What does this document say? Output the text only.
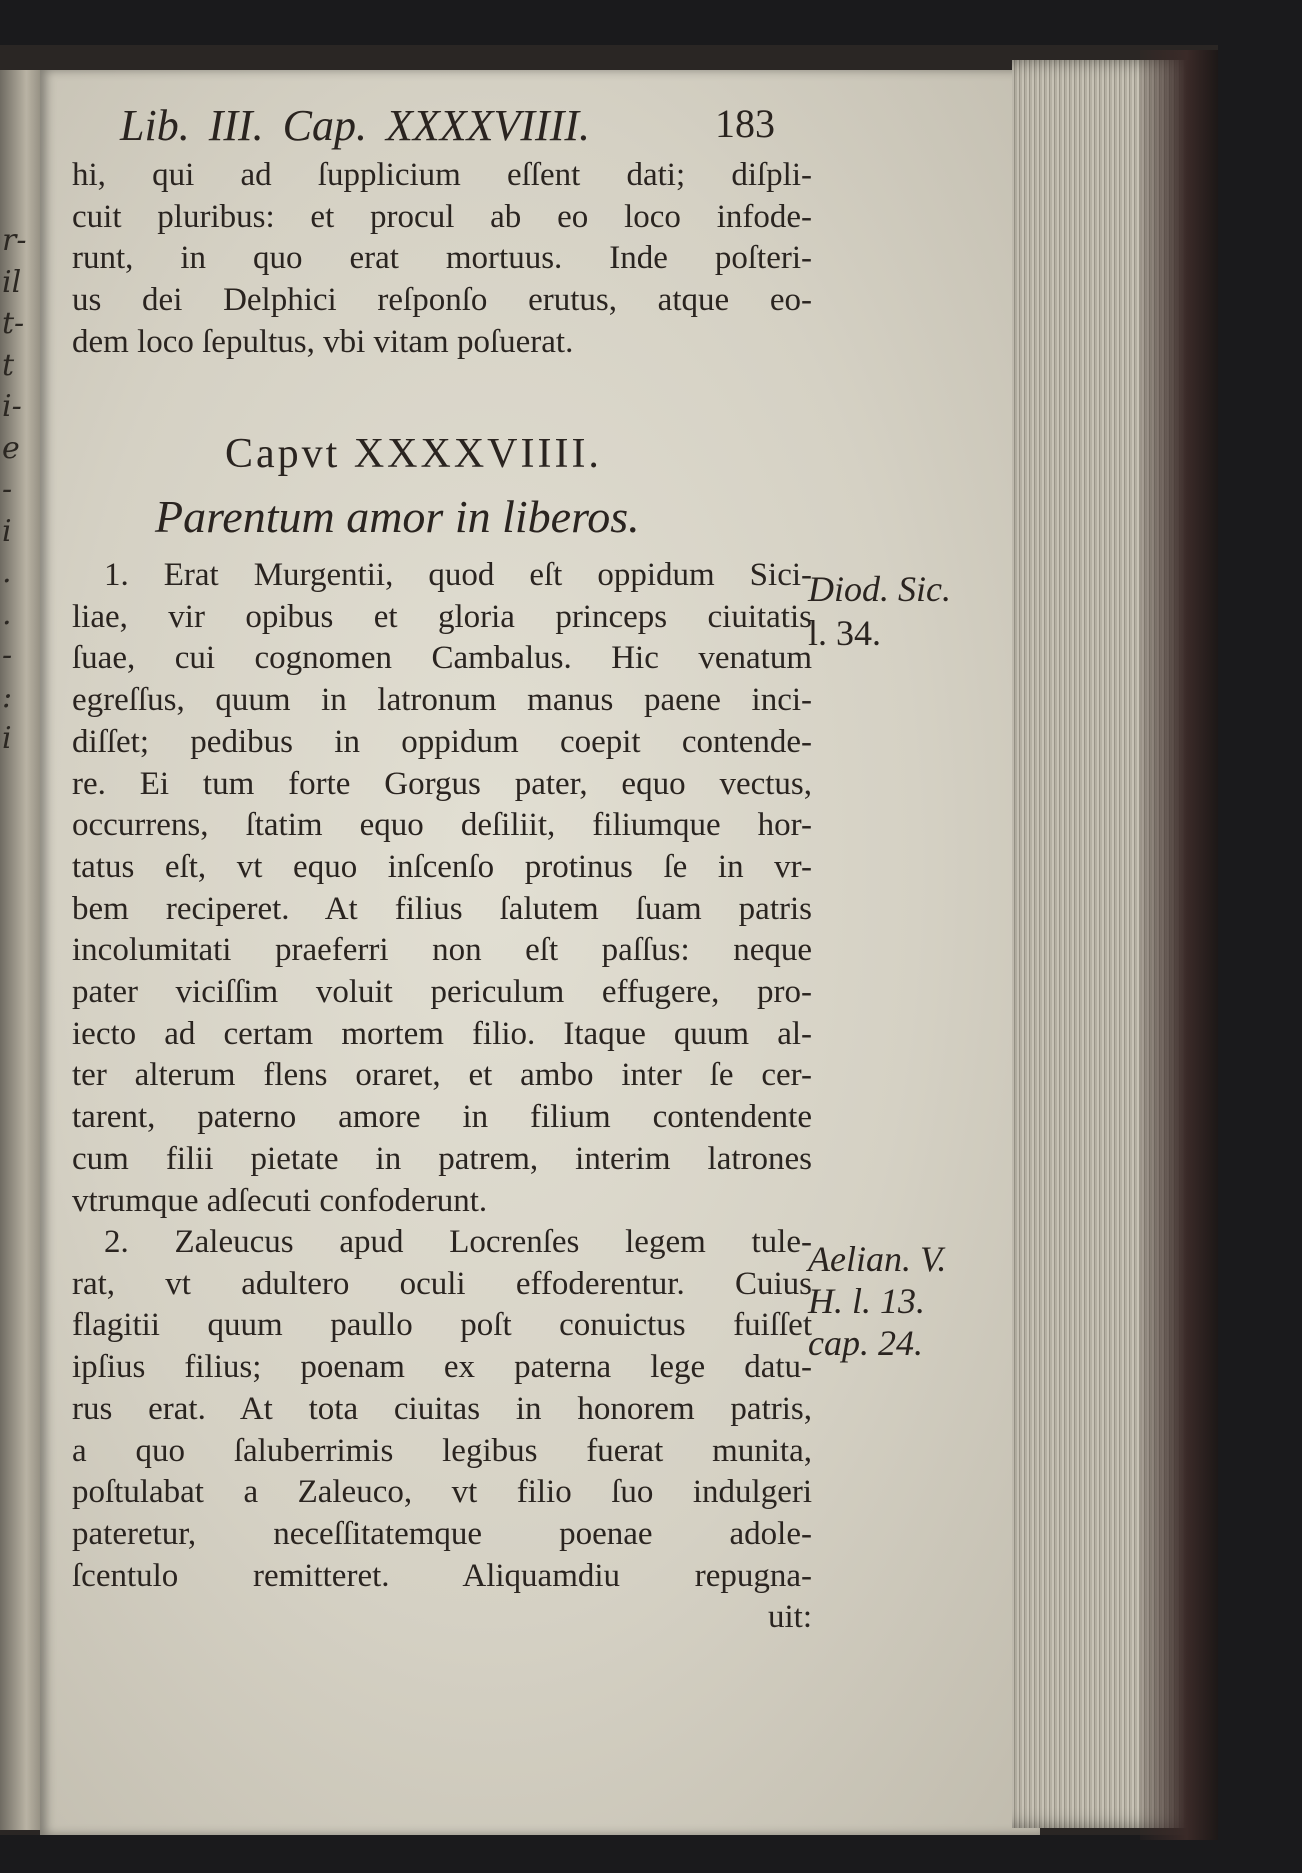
r-
il
t-
t
i-
e
-
i
.
.
-
:
i
Lib. III. Cap. XXXXVIIII.	183
hi, qui ad ſupplicium eſſent dati; diſpli-
cuit pluribus: et procul ab eo loco infode-
runt, in quo erat mortuus. Inde poſteri-
us dei Delphici reſponſo erutus, atque eo-
dem loco ſepultus, vbi vitam poſuerat.
Capvt XXXXVIIII.
Parentum amor in liberos.
1. Erat Murgentii, quod eſt oppidum Sici-
liae, vir opibus et gloria princeps ciuitatis
ſuae, cui cognomen Cambalus. Hic venatum
egreſſus, quum in latronum manus paene inci-
diſſet; pedibus in oppidum coepit contende-
re. Ei tum forte Gorgus pater, equo vectus,
occurrens, ſtatim equo deſiliit, filiumque hor-
tatus eſt, vt equo inſcenſo protinus ſe in vr-
bem reciperet. At filius ſalutem ſuam patris
incolumitati praeferri non eſt paſſus: neque
pater viciſſim voluit periculum effugere, pro-
iecto ad certam mortem filio. Itaque quum al-
ter alterum flens oraret, et ambo inter ſe cer-
tarent, paterno amore in filium contendente
cum filii pietate in patrem, interim latrones
vtrumque adſecuti confoderunt.
2. Zaleucus apud Locrenſes legem tule-
rat, vt adultero oculi effoderentur. Cuius
flagitii quum paullo poſt conuictus fuiſſet
ipſius filius; poenam ex paterna lege datu-
rus erat. At tota ciuitas in honorem patris,
a quo ſaluberrimis legibus fuerat munita,
poſtulabat a Zaleuco, vt filio ſuo indulgeri
pateretur, neceſſitatemque poenae adole-
ſcentulo remitteret. Aliquamdiu repugna-
uit:
Diod. Sic.
l. 34.
Aelian. V.
H. l. 13.
cap. 24.
